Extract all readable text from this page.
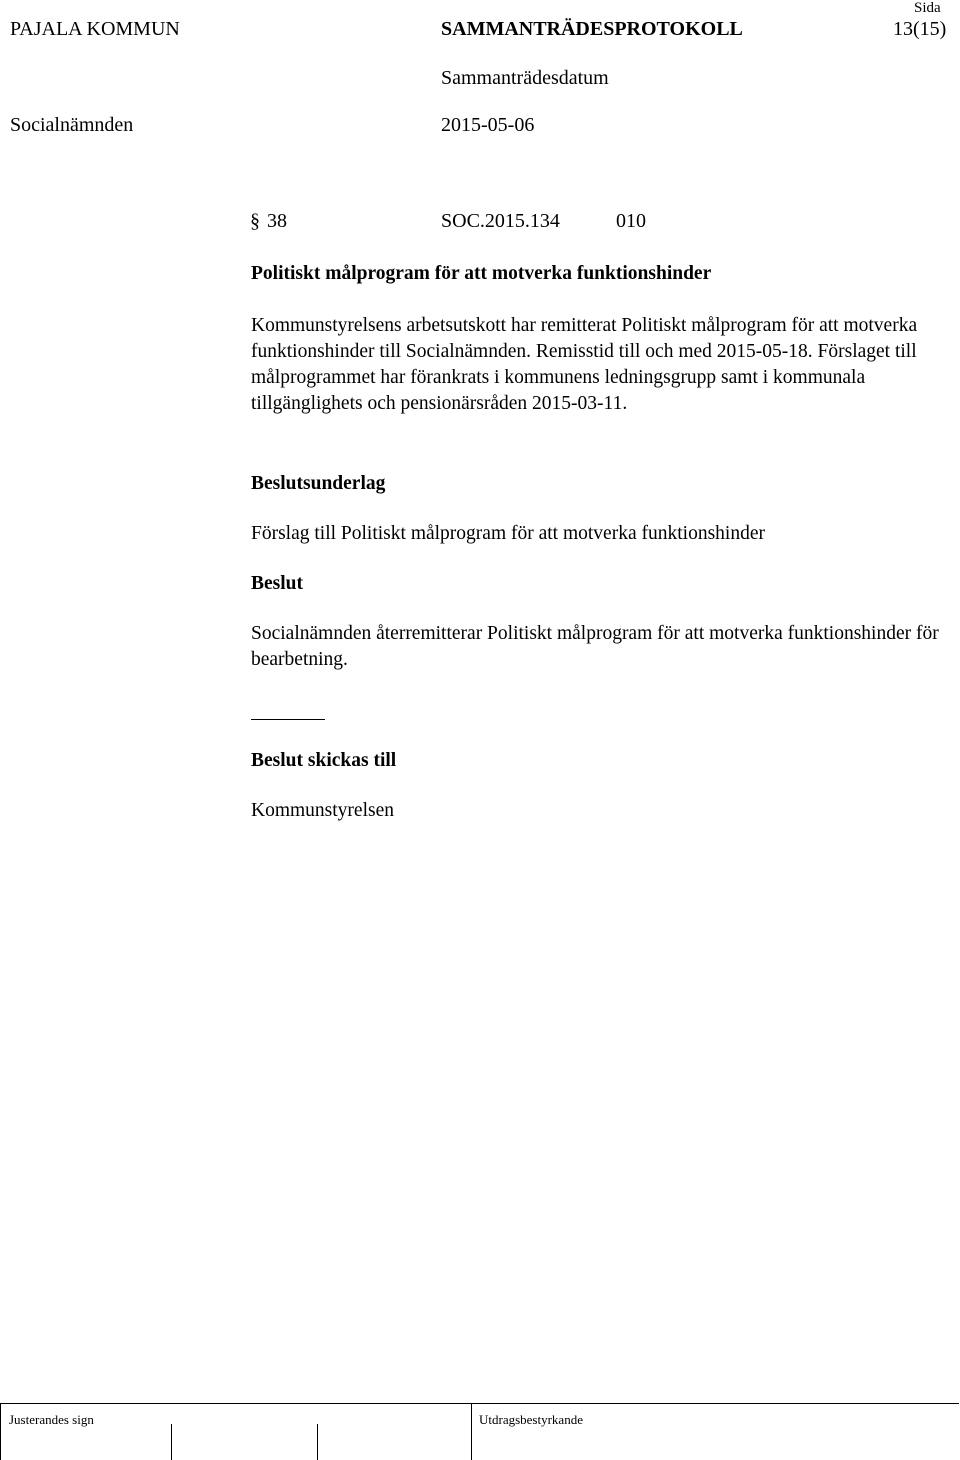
PAJALA KOMMUN	SAMMANTRÄDESPROTOKOLL
Sida
13(15)
Sammanträdesdatum
Socialnämnden	2015-05-06
§ 38	SOC.2015.134	010
Politiskt målprogram för att motverka funktionshinder
Kommunstyrelsens arbetsutskott har remitterat Politiskt målprogram för att motverka funktionshinder till Socialnämnden. Remisstid till och med 2015-05-18. Förslaget till målprogrammet har förankrats i kommunens ledningsgrupp samt i kommunala tillgänglighets och pensionärsråden 2015-03-11.
Beslutsunderlag
Förslag till Politiskt målprogram för att motverka funktionshinder
Beslut
Socialnämnden återremitterar Politiskt målprogram för att motverka funktionshinder för bearbetning.
Beslut skickas till
Kommunstyrelsen
Justerandes sign	Utdragsbestyrkande
